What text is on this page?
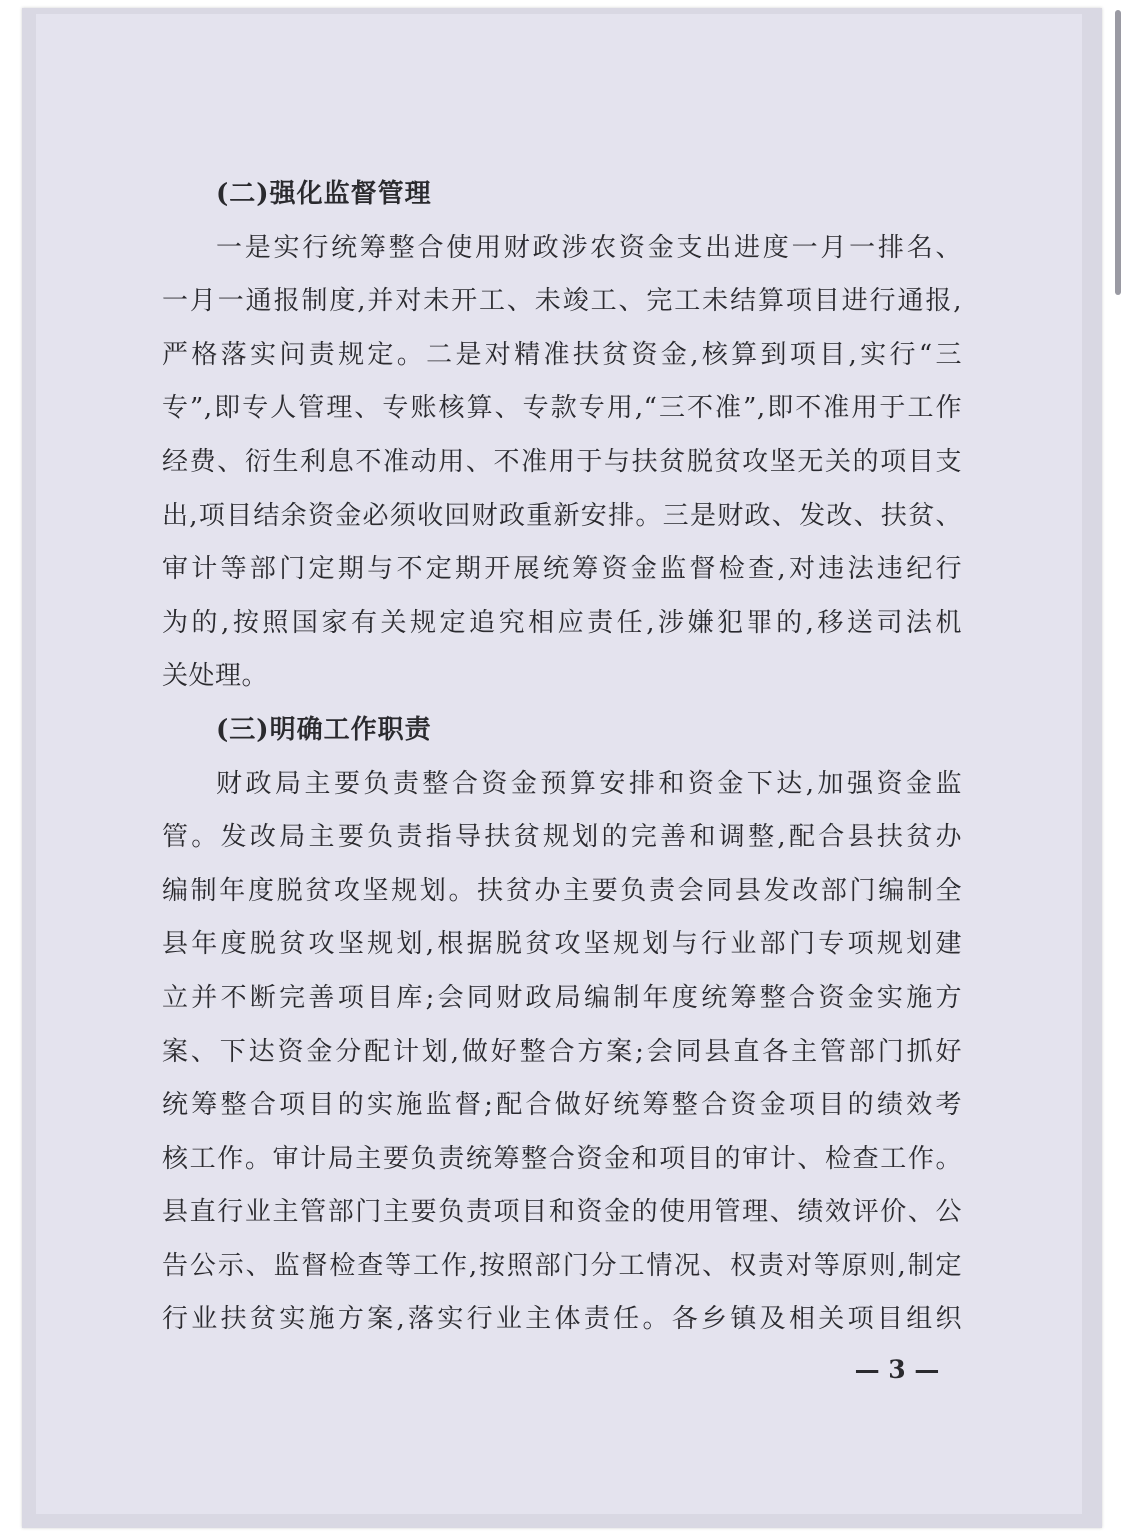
(二)强化监督管理
一是实行统筹整合使用财政涉农资金支出进度一月一排名、
一月一通报制度,并对未开工、未竣工、完工未结算项目进行通报,
严格落实问责规定。二是对精准扶贫资金,核算到项目,实行“三
专”,即专人管理、专账核算、专款专用,“三不准”,即不准用于工作
经费、衍生利息不准动用、不准用于与扶贫脱贫攻坚无关的项目支
出,项目结余资金必须收回财政重新安排。三是财政、发改、扶贫、
审计等部门定期与不定期开展统筹资金监督检查,对违法违纪行
为的,按照国家有关规定追究相应责任,涉嫌犯罪的,移送司法机
关处理。
(三)明确工作职责
财政局主要负责整合资金预算安排和资金下达,加强资金监
管。发改局主要负责指导扶贫规划的完善和调整,配合县扶贫办
编制年度脱贫攻坚规划。扶贫办主要负责会同县发改部门编制全
县年度脱贫攻坚规划,根据脱贫攻坚规划与行业部门专项规划建
立并不断完善项目库;会同财政局编制年度统筹整合资金实施方
案、下达资金分配计划,做好整合方案;会同县直各主管部门抓好
统筹整合项目的实施监督;配合做好统筹整合资金项目的绩效考
核工作。审计局主要负责统筹整合资金和项目的审计、检查工作。
县直行业主管部门主要负责项目和资金的使用管理、绩效评价、公
告公示、监督检查等工作,按照部门分工情况、权责对等原则,制定
行业扶贫实施方案,落实行业主体责任。各乡镇及相关项目组织
— 3 —
